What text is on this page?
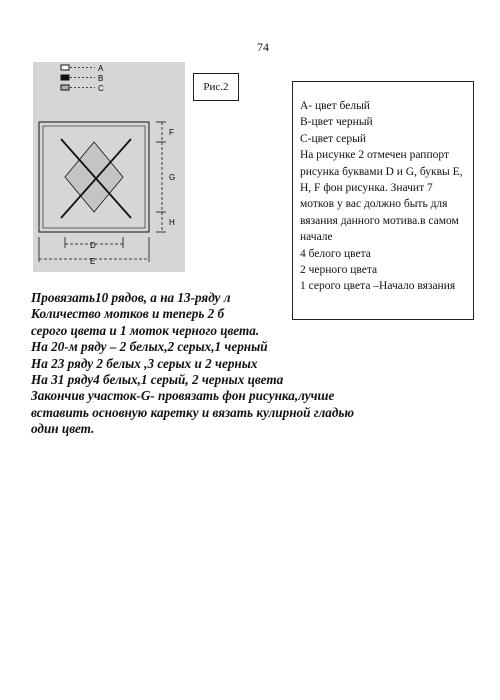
74
A
B
C
F
G
H
D
E
Рис.2
A- цвет белый
B-цвет черный
C-цвет серый
На рисунке 2 отмечен раппорт
рисунка буквами D и G, буквы E,
H, F фон рисунка. Значит 7
мотков у вас должно быть для
вязания данного мотива.в самом
начале
4 белого цвета
2 черного цвета
1 серого цвета –Начало вязания
Провязать10 рядов, а на 13-ряду л
Количество мотков и теперь 2 б
серого цвета и 1 моток черного цвета.
На 20-м ряду – 2 белых,2 серых,1 черный
На 23 ряду 2 белых ,3 серых и 2 черных
На 31 ряду4 белых,1 серый, 2 черных цвета
Закончив участок-G- провязать фон рисунка,лучше
вставить основную каретку и вязать кулирной гладью
один цвет.
